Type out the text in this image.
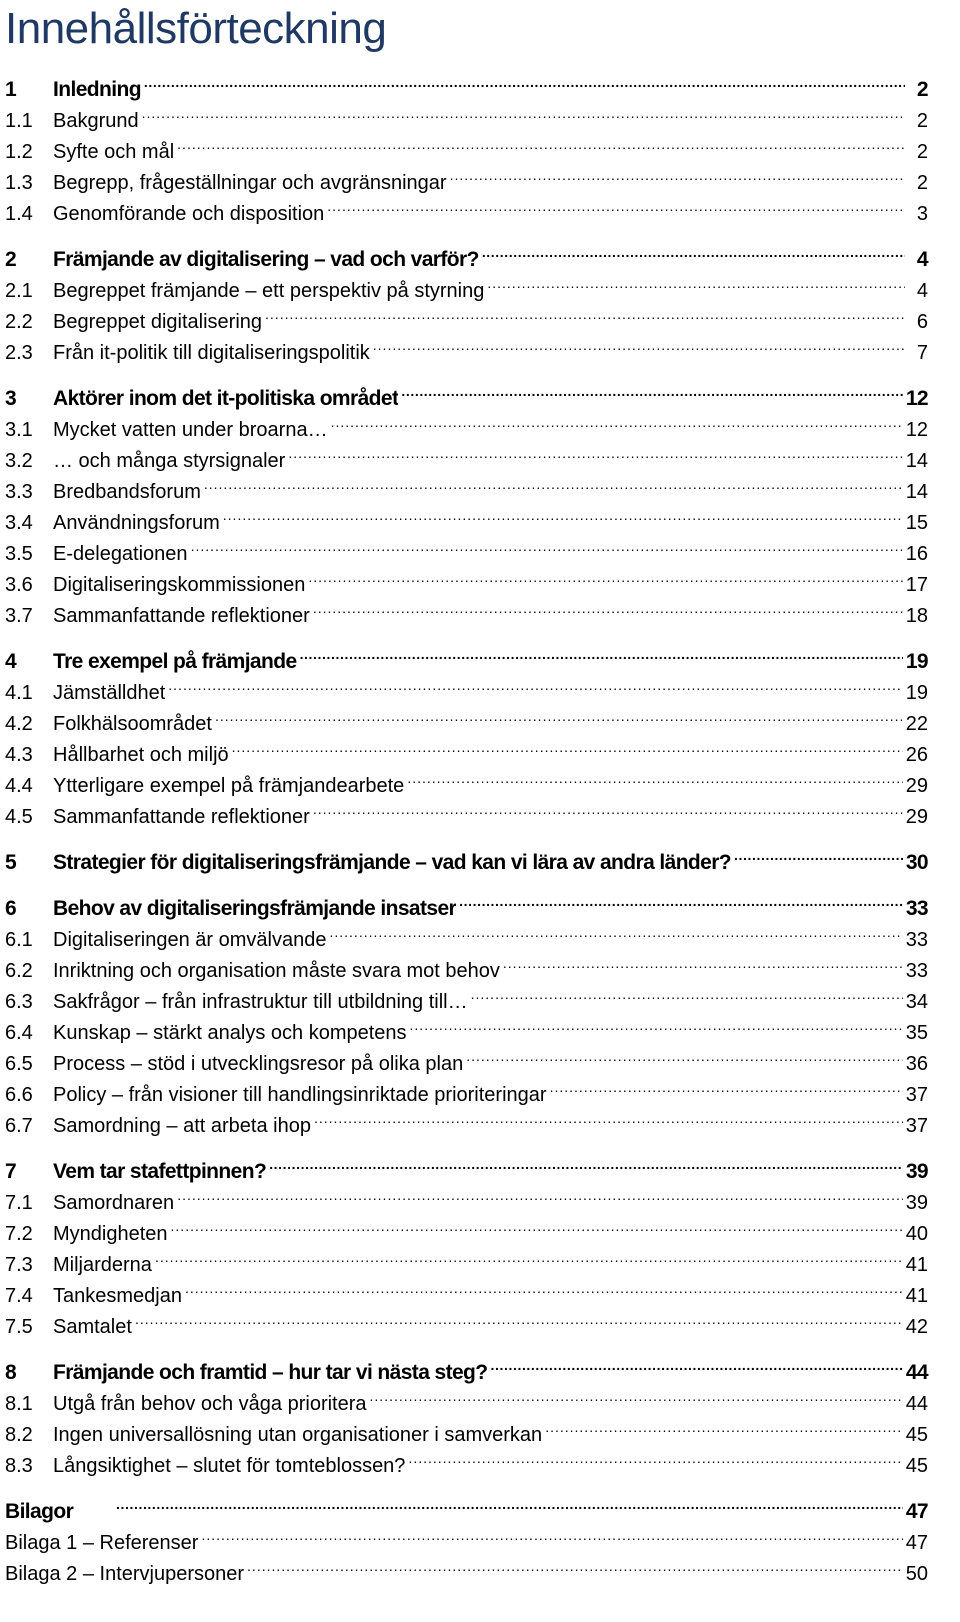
Innehållsförteckning
1	Inledning .....	2
1.1	Bakgrund .....	2
1.2	Syfte och mål .....	2
1.3	Begrepp, frågeställningar och avgränsningar .....	2
1.4	Genomförande och disposition .....	3
2	Främjande av digitalisering – vad och varför? .....	4
2.1	Begreppet främjande – ett perspektiv på styrning .....	4
2.2	Begreppet digitalisering .....	6
2.3	Från it-politik till digitaliseringspolitik .....	7
3	Aktörer inom det it-politiska området .....	12
3.1	Mycket vatten under broarna… .....	12
3.2	… och många styrsignaler .....	14
3.3	Bredbandsforum .....	14
3.4	Användningsforum .....	15
3.5	E-delegationen .....	16
3.6	Digitaliseringskommissionen .....	17
3.7	Sammanfattande reflektioner .....	18
4	Tre exempel på främjande .....	19
4.1	Jämställdhet .....	19
4.2	Folkhälsoområdet .....	22
4.3	Hållbarhet och miljö .....	26
4.4	Ytterligare exempel på främjandearbete .....	29
4.5	Sammanfattande reflektioner .....	29
5	Strategier för digitaliseringsfrämjande – vad kan vi lära av andra länder? .....	30
6	Behov av digitaliseringsfrämjande insatser .....	33
6.1	Digitaliseringen är omvälvande .....	33
6.2	Inriktning och organisation måste svara mot behov .....	33
6.3	Sakfrågor – från infrastruktur till utbildning till… .....	34
6.4	Kunskap – stärkt analys och kompetens .....	35
6.5	Process – stöd i utvecklingsresor på olika plan .....	36
6.6	Policy – från visioner till handlingsinriktade prioriteringar .....	37
6.7	Samordning – att arbeta ihop .....	37
7	Vem tar stafettpinnen? .....	39
7.1	Samordnaren .....	39
7.2	Myndigheten .....	40
7.3	Miljarderna .....	41
7.4	Tankesmedjan .....	41
7.5	Samtalet .....	42
8	Främjande och framtid – hur tar vi nästa steg? .....	44
8.1	Utgå från behov och våga prioritera .....	44
8.2	Ingen universallösning utan organisationer i samverkan .....	45
8.3	Långsiktighet – slutet för tomteblossen? .....	45
Bilagor .....	47
Bilaga 1 – Referenser .....	47
Bilaga 2 – Intervjupersoner .....	50
